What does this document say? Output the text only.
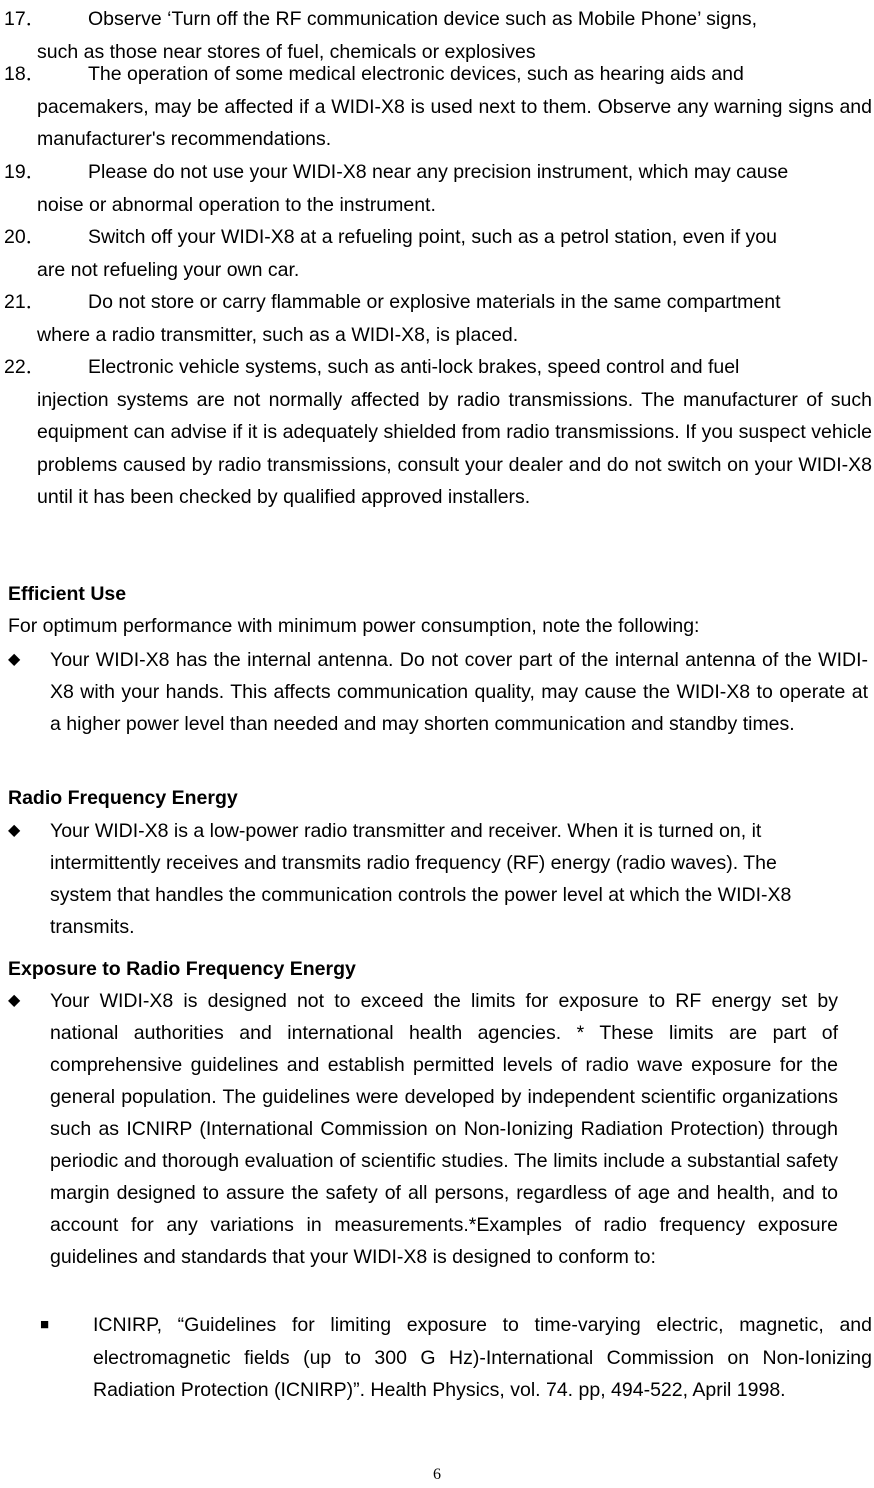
17．	Observe ‘Turn off the RF communication device such as Mobile Phone’ signs,
such as those near stores of fuel, chemicals or explosives
18．	The operation of some medical electronic devices, such as hearing aids and
pacemakers, may be affected if a WIDI-X8 is used next to them. Observe any warning signs and manufacturer's recommendations.
19．	Please do not use your WIDI-X8 near any precision instrument, which may cause
noise or abnormal operation to the instrument.
20．	Switch off your WIDI-X8 at a refueling point, such as a petrol station, even if you
are not refueling your own car.
21．	Do not store or carry flammable or explosive materials in the same compartment
where a radio transmitter, such as a WIDI-X8, is placed.
22．	Electronic vehicle systems, such as anti-lock brakes, speed control and fuel
injection systems are not normally affected by radio transmissions. The manufacturer of such equipment can advise if it is adequately shielded from radio transmissions. If you suspect vehicle problems caused by radio transmissions, consult your dealer and do not switch on your WIDI-X8 until it has been checked by qualified approved installers.
Efficient Use
For optimum performance with minimum power consumption, note the following:
◆	Your WIDI-X8 has the internal antenna. Do not cover part of the internal antenna of the WIDI-X8 with your hands. This affects communication quality, may cause the WIDI-X8 to operate at a higher power level than needed and may shorten communication and standby times.
Radio Frequency Energy
◆	Your WIDI-X8 is a low-power radio transmitter and receiver. When it is turned on, it intermittently receives and transmits radio frequency (RF) energy (radio waves). The system that handles the communication controls the power level at which the WIDI-X8 transmits.
Exposure to Radio Frequency Energy
◆	Your WIDI-X8 is designed not to exceed the limits for exposure to RF energy set by national authorities and international health agencies. * These limits are part of comprehensive guidelines and establish permitted levels of radio wave exposure for the general population. The guidelines were developed by independent scientific organizations such as ICNIRP (International Commission on Non-Ionizing Radiation Protection) through periodic and thorough evaluation of scientific studies. The limits include a substantial safety margin designed to assure the safety of all persons, regardless of age and health, and to account for any variations in measurements.*Examples of radio frequency exposure guidelines and standards that your WIDI-X8 is designed to conform to:
■ ICNIRP, “Guidelines for limiting exposure to time-varying electric, magnetic, and electromagnetic fields (up to 300 G Hz)-International Commission on Non-Ionizing Radiation Protection (ICNIRP)”. Health Physics, vol. 74. pp, 494-522, April 1998.
6
